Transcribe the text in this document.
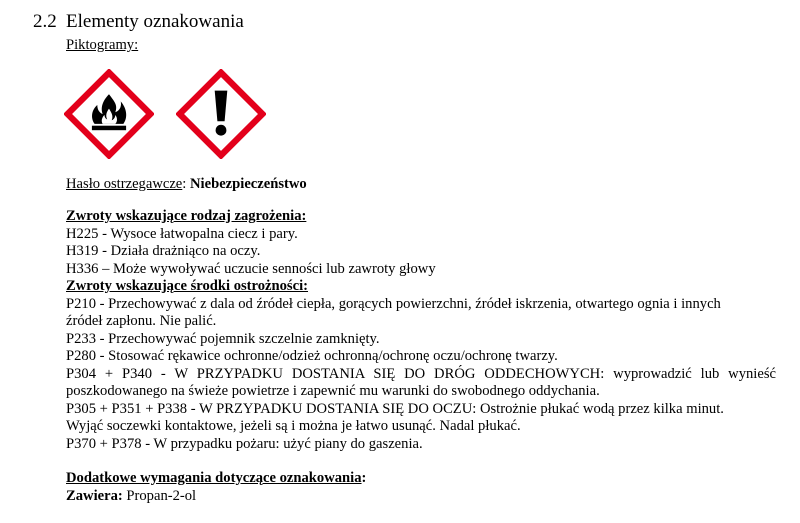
2.2 Elementy oznakowania
Piktogramy:
Hasło ostrzegawcze: Niebezpieczeństwo
Zwroty wskazujące rodzaj zagrożenia:
H225 - Wysoce łatwopalna ciecz i pary.
H319 - Działa drażniąco na oczy.
H336 – Może wywoływać uczucie senności lub zawroty głowy
Zwroty wskazujące środki ostrożności:
P210 - Przechowywać z dala od źródeł ciepła, gorących powierzchni, źródeł iskrzenia, otwartego ognia i innych
źródeł zapłonu. Nie palić.
P233 - Przechowywać pojemnik szczelnie zamknięty.
P280 - Stosować rękawice ochronne/odzież ochronną/ochronę oczu/ochronę twarzy.
P304 + P340 - W PRZYPADKU DOSTANIA SIĘ DO DRÓG ODDECHOWYCH: wyprowadzić lub wynieść
poszkodowanego na świeże powietrze i zapewnić mu warunki do swobodnego oddychania.
P305 + P351 + P338 - W PRZYPADKU DOSTANIA SIĘ DO OCZU: Ostrożnie płukać wodą przez kilka minut.
Wyjąć soczewki kontaktowe, jeżeli są i można je łatwo usunąć. Nadal płukać.
P370 + P378 - W przypadku pożaru: użyć piany do gaszenia.
Dodatkowe wymagania dotyczące oznakowania:
Zawiera: Propan-2-ol
